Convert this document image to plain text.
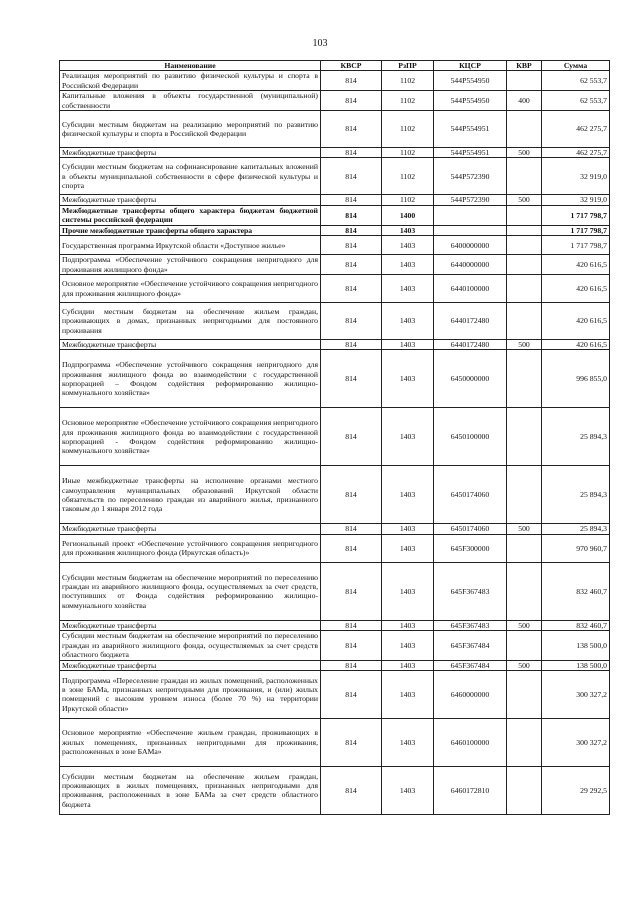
103
Наименование	КВСР	РзПР	КЦСР	КВР	Сумма
Реализация мероприятий по развитию физической культуры и спорта в Российской Федерации	814	1102	544P554950		62 553,7
Капитальные вложения в объекты государственной (муниципальной) собственности	814	1102	544P554950	400	62 553,7
Субсидии местным бюджетам на реализацию мероприятий по развитию физической культуры и спорта в Российской Федерации	814	1102	544P554951		462 275,7
Межбюджетные трансферты	814	1102	544P554951	500	462 275,7
Субсидии местным бюджетам на софинансирование капитальных вложений в объекты муниципальной собственности в сфере физической культуры и спорта	814	1102	544P572390		32 919,0
Межбюджетные трансферты	814	1102	544P572390	500	32 919,0
Межбюджетные трансферты общего характера бюджетам бюджетной системы российской федерации	814	1400			1 717 798,7
Прочие межбюджетные трансферты общего характера	814	1403			1 717 798,7
Государственная программа Иркутской области «Доступное жилье»	814	1403	6400000000		1 717 798,7
Подпрограмма «Обеспечение устойчивого сокращения непригодного для проживания жилищного фонда»	814	1403	6440000000		420 616,5
Основное мероприятие «Обеспечение устойчивого сокращения непригодного для проживания жилищного фонда»	814	1403	6440100000		420 616,5
Субсидии местным бюджетам на обеспечение жильем граждан, проживающих в домах, признанных непригодными для постоянного проживания	814	1403	6440172480		420 616,5
Межбюджетные трансферты	814	1403	6440172480	500	420 616,5
Подпрограмма «Обеспечение устойчивого сокращения непригодного для проживания жилищного фонда во взаимодействии с государственной корпорацией – Фондом содействия реформированию жилищно-коммунального хозяйства»	814	1403	6450000000		996 855,0
Основное мероприятие «Обеспечение устойчивого сокращения непригодного для проживания жилищного фонда во взаимодействии с государственной корпорацией - Фондом содействия реформированию жилищно-коммунального хозяйства»	814	1403	6450100000		25 894,3
Иные межбюджетные трансферты на исполнение органами местного самоуправления муниципальных образований Иркутской области обязательств по переселению граждан из аварийного жилья, признанного таковым до 1 января 2012 года	814	1403	6450174060		25 894,3
Межбюджетные трансферты	814	1403	6450174060	500	25 894,3
Региональный проект «Обеспечение устойчивого сокращения непригодного для проживания жилищного фонда (Иркутская область)»	814	1403	645F300000		970 960,7
Субсидии местным бюджетам на обеспечение мероприятий по переселению граждан из аварийного жилищного фонда, осуществляемых за счет средств, поступивших от Фонда содействия реформированию жилищно-коммунального хозяйства	814	1403	645F367483		832 460,7
Межбюджетные трансферты	814	1403	645F367483	500	832 460,7
Субсидии местным бюджетам на обеспечение мероприятий по переселению граждан из аварийного жилищного фонда, осуществляемых за счет средств областного бюджета	814	1403	645F367484		138 500,0
Межбюджетные трансферты	814	1403	645F367484	500	138 500,0
Подпрограмма «Переселение граждан из жилых помещений, расположенных в зоне БАМа, признанных непригодными для проживания, и (или) жилых помещений с высоким уровнем износа (более 70 %) на территории Иркутской области»	814	1403	6460000000		300 327,2
Основное мероприятие «Обеспечение жильем граждан, проживающих в жилых помещениях, признанных непригодными для проживания, расположенных в зоне БАМа»	814	1403	6460100000		300 327,2
Субсидии местным бюджетам на обеспечение жильем граждан, проживающих в жилых помещениях, признанных непригодными для проживания, расположенных в зоне БАМа за счет средств областного бюджета	814	1403	6460172810		29 292,5
